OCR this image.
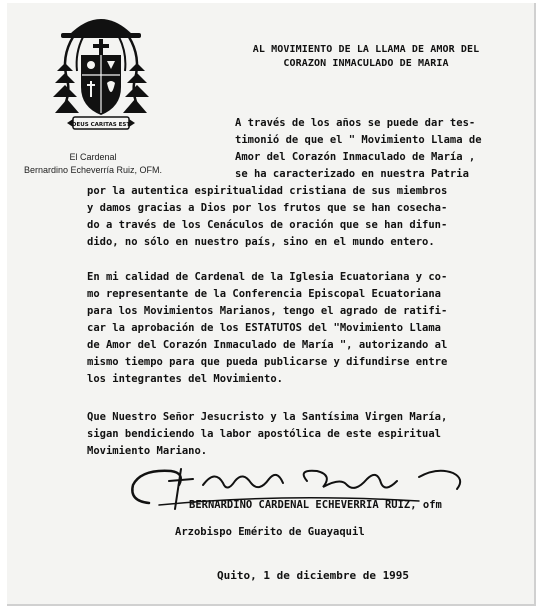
DEUS CARITAS EST
El Cardenal
Bernardino Echeverría Ruiz, OFM.
AL MOVIMIENTO DE LA LLAMA DE AMOR DEL
CORAZON INMACULADO DE MARIA
A través de los años se puede dar tes-
timonió de que el " Movimiento Llama de
Amor del Corazón Inmaculado de María ,
se ha caracterizado en nuestra Patria
por la autentica espiritualidad cristiana de sus miembros
y damos gracias a Dios por los frutos que se han cosecha-
do a través de los Cenáculos de oración que se han difun-
dido, no sólo en nuestro país, sino en el mundo entero.
En mi calidad de Cardenal de la Iglesia Ecuatoriana y co-
mo representante de la Conferencia Episcopal Ecuatoriana
para los Movimientos Marianos, tengo el agrado de ratifi-
car la aprobación de los ESTATUTOS del "Movimiento Llama
de Amor del Corazón Inmaculado de María ", autorizando al
mismo tiempo para que pueda publicarse y difundirse entre
los integrantes del Movimiento.
Que Nuestro Señor Jesucristo y la Santísima Virgen María,
sigan bendiciendo la labor apostólica de este espiritual
Movimiento Mariano.
BERNARDINO CARDENAL ECHEVERRIA RUIZ, ofm
Arzobispo Emérito de Guayaquil
Quito, 1 de diciembre de 1995
